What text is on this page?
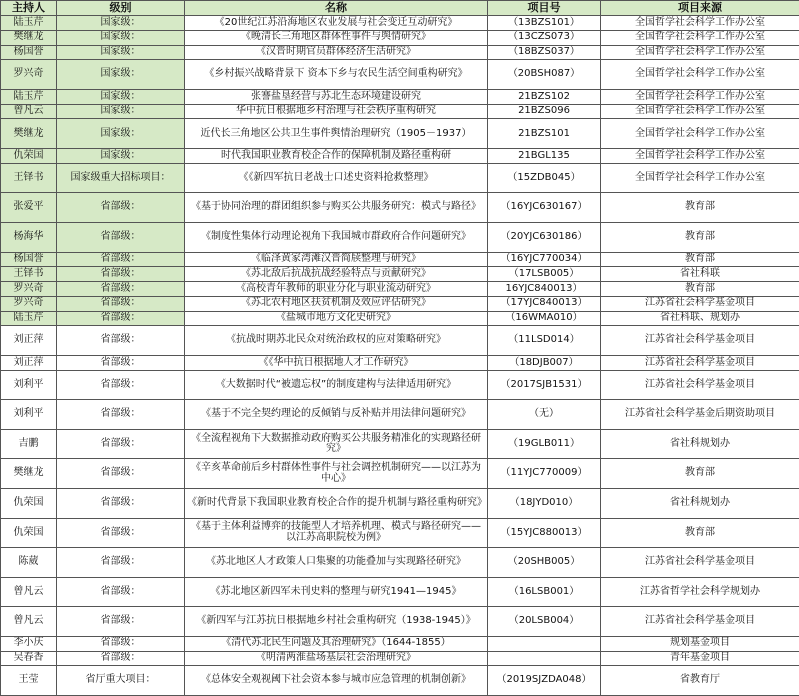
主持人	级别	名称	项目号	项目来源
陆玉芹	国家级：	《20世纪江苏沿海地区农业发展与社会变迁互动研究》	（13BZS101）	全国哲学社会科学工作办公室
樊继龙	国家级：	《晚清长三角地区群体性事件与舆情研究》	（13CZS073）	全国哲学社会科学工作办公室
杨国誉	国家级：	《汉晋时期官员群体经济生活研究》	（18BZS037）	全国哲学社会科学工作办公室
罗兴奇	国家级：	《乡村振兴战略背景下 资本下乡与农民生活空间重构研究》	（20BSH087）	全国哲学社会科学工作办公室
陆玉芹	国家级：	张謇盐垦经营与苏北生态环境建设研究	21BZS102	全国哲学社会科学工作办公室
曾凡云	国家级：	华中抗日根据地乡村治理与社会秩序重构研究	21BZS096	全国哲学社会科学工作办公室
樊继龙	国家级：	近代长三角地区公共卫生事件舆情治理研究（1905－1937）	21BZS101	全国哲学社会科学工作办公室
仇荣国	国家级：	时代我国职业教育校企合作的保障机制及路径重构研	21BGL135	全国哲学社会科学工作办公室
王铎书	国家级重大招标项目：	《《新四军抗日老战士口述史资料抢救整理》	（15ZDB045）	全国哲学社会科学工作办公室
张爱平	省部级：	《基于协同治理的群团组织参与购买公共服务研究：模式与路径》	（16YJC630167）	教育部
杨海华	省部级：	《制度性集体行动理论视角下我国城市群政府合作问题研究》	（20YJC630186）	教育部
杨国誉	省部级：	《临泽黄家湾滩汉晋简牍整理与研究》	（16YJC770034）	教育部
王铎书	省部级：	《苏北敌后抗战抗战经验特点与贡献研究》	（17LSB005）	省社科联
罗兴奇	省部级：	《高校青年教师的职业分化与职业流动研究》	16YJC840013）	教育部
罗兴奇	省部级：	《苏北农村地区扶贫机制及效应评估研究》	（17YJC840013）	江苏省社会科学基金项目
陆玉芹	省部级：	《盐城市地方文化史研究》	（16WMA010）	省社科联、规划办
刘正萍	省部级：	《抗战时期苏北民众对统治政权的应对策略研究》	（11LSD014）	江苏省社会科学基金项目
刘正萍	省部级：	《《华中抗日根据地人才工作研究》	（18DJB007）	江苏省社会科学基金项目
刘利平	省部级：	《大数据时代“被遗忘权”的制度建构与法律适用研究》	（2017SJB1531）	江苏省社会科学基金项目
刘利平	省部级：	《基于不完全契约理论的反倾销与反补贴并用法律问题研究》	（无）	江苏省社会科学基金后期资助项目
吉鹏	省部级：	《全流程视角下大数据推动政府购买公共服务精准化的实现路径研究》	（19GLB011）	省社科规划办
樊继龙	省部级：	《辛亥革命前后乡村群体性事件与社会调控机制研究——以江苏为中心》	（11YJC770009）	教育部
仇荣国	省部级：	《新时代背景下我国职业教育校企合作的提升机制与路径重构研究》	（18JYD010）	省社科规划办
仇荣国	省部级：	《基于主体利益博弈的技能型人才培养机理、模式与路径研究——以江苏高职院校为例》	（15YJC880013）	教育部
陈葳	省部级：	《苏北地区人才政策人口集聚的功能叠加与实现路径研究》	（20SHB005）	江苏省社会科学基金项目
曾凡云	省部级：	《苏北地区新四军未刊史料的整理与研究1941—1945》	（16LSB001）	江苏省哲学社会科学规划办
曾凡云	省部级：	《新四军与江苏抗日根据地乡村社会重构研究（1938-1945）》	（20LSB004）	江苏省社会科学基金项目
李小庆	省部级：	《清代苏北民生问题及其治理研究》（1644-1855）		规划基金项目
吴春香	省部级：	《明清两淮盐场基层社会治理研究》		青年基金项目
王莹	省厅重大项目：	《总体安全观视阈下社会资本参与城市应急管理的机制创新》	（2019SJZDA048）	省教育厅
